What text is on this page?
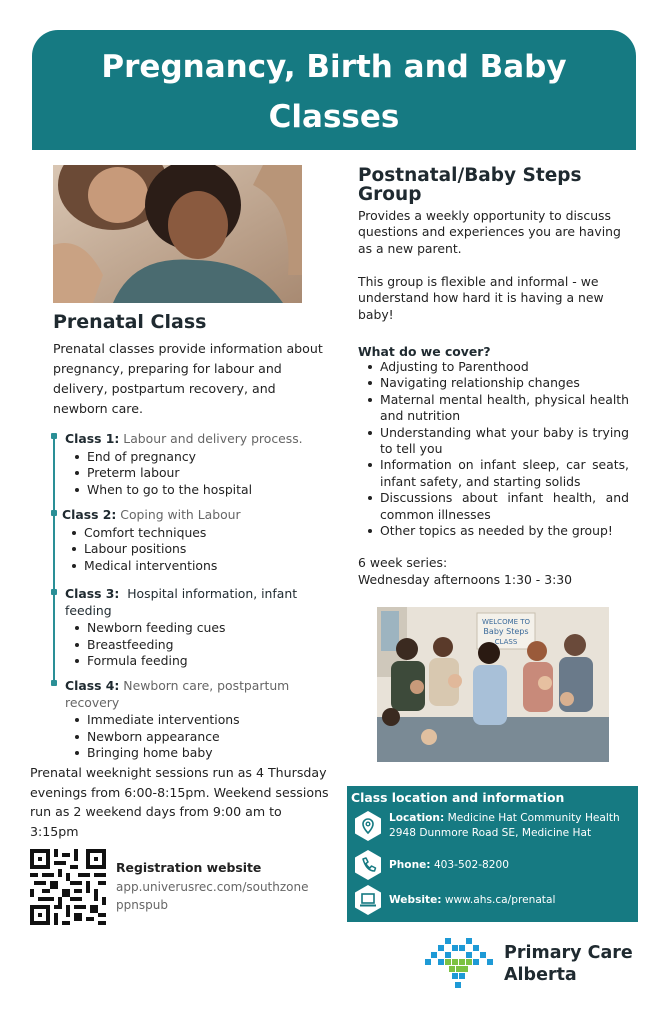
Pregnancy, Birth and Baby
Classes
Prenatal Class
Prenatal classes provide information about pregnancy, preparing for labour and delivery, postpartum recovery, and newborn care.
Class 1: Labour and delivery process.
End of pregnancy
Preterm labour
When to go to the hospital
Class 2: Coping with Labour
Comfort techniques
Labour positions
Medical interventions
Class 3: Hospital information, infant feeding
Newborn feeding cues
Breastfeeding
Formula feeding
Class 4: Newborn care, postpartum recovery
Immediate interventions
Newborn appearance
Bringing home baby
Prenatal weeknight sessions run as 4 Thursday evenings from 6:00-8:15pm. Weekend sessions run as 2 weekend days from 9:00 am to 3:15pm
Registration website
app.univerusrec.com/southzone
ppnspub
Postnatal/Baby Steps Group
Provides a weekly opportunity to discuss questions and experiences you are having as a new parent.
This group is flexible and informal - we understand how hard it is having a new baby!
What do we cover?
Adjusting to Parenthood
Navigating relationship changes
Maternal mental health, physical health and nutrition
Understanding what your baby is trying to tell you
Information on infant sleep, car seats, infant safety, and starting solids
Discussions about infant health, and common illnesses
Other topics as needed by the group!
6 week series:
Wednesday afternoons 1:30 - 3:30
WELCOME TO
Baby Steps
CLASS
Class location and information
Location: Medicine Hat Community Health
2948 Dunmore Road SE, Medicine Hat
Phone: 403-502-8200
Website: www.ahs.ca/prenatal
Primary Care
Alberta
